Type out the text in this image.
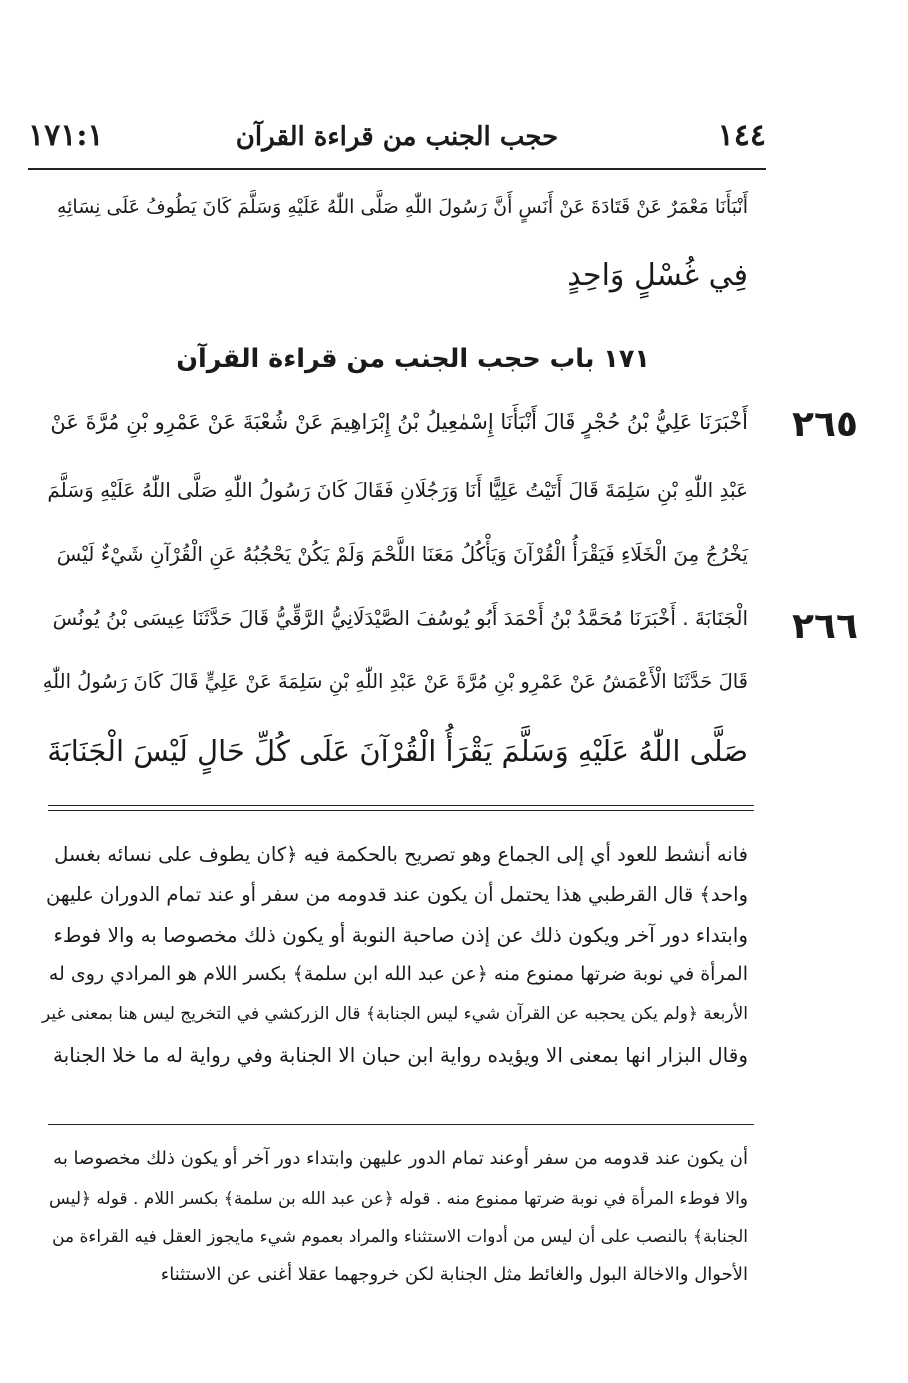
١٤٤
حجب الجنب من قراءة القرآن
١٧١:١
أَنْبَأَنَا مَعْمَرٌ عَنْ قَتَادَةَ عَنْ أَنَسٍ أَنَّ رَسُولَ اللّٰهِ صَلَّى اللّٰهُ عَلَيْهِ وَسَلَّمَ كَانَ يَطُوفُ عَلَى نِسَائِهِ
فِي غُسْلٍ وَاحِدٍ
١٧١ باب حجب الجنب من قراءة القرآن
٢٦٥
٢٦٦
أَخْبَرَنَا عَلِيُّ بْنُ حُجْرٍ قَالَ أَنْبَأَنَا إِسْمٰعِيلُ بْنُ إِبْرَاهِيمَ عَنْ شُعْبَةَ عَنْ عَمْرِو بْنِ مُرَّةَ عَنْ
عَبْدِ اللّٰهِ بْنِ سَلِمَةَ قَالَ أَتَيْتُ عَلِيًّا أَنَا وَرَجُلَانِ فَقَالَ كَانَ رَسُولُ اللّٰهِ صَلَّى اللّٰهُ عَلَيْهِ وَسَلَّمَ
يَخْرُجُ مِنَ الْخَلَاءِ فَيَقْرَأُ الْقُرْآنَ وَيَأْكُلُ مَعَنَا اللَّحْمَ وَلَمْ يَكُنْ يَحْجُبُهُ عَنِ الْقُرْآنِ شَيْءٌ لَيْسَ
الْجَنَابَةَ . أَخْبَرَنَا مُحَمَّدُ بْنُ أَحْمَدَ أَبُو يُوسُفَ الصَّيْدَلَانِيُّ الرَّقِّيُّ قَالَ حَدَّثَنَا عِيسَى بْنُ يُونُسَ
قَالَ حَدَّثَنَا الْأَعْمَشُ عَنْ عَمْرِو بْنِ مُرَّةَ عَنْ عَبْدِ اللّٰهِ بْنِ سَلِمَةَ عَنْ عَلِيٍّ قَالَ كَانَ رَسُولُ اللّٰهِ
صَلَّى اللّٰهُ عَلَيْهِ وَسَلَّمَ يَقْرَأُ الْقُرْآنَ عَلَى كُلِّ حَالٍ لَيْسَ الْجَنَابَةَ
فانه أنشط للعود أي إلى الجماع وهو تصريح بالحكمة فيه ﴿كان يطوف على نسائه بغسل
واحد﴾ قال القرطبي هذا يحتمل أن يكون عند قدومه من سفر أو عند تمام الدوران عليهن
وابتداء دور آخر ويكون ذلك عن إذن صاحبة النوبة أو يكون ذلك مخصوصا به والا فوطء
المرأة في نوبة ضرتها ممنوع منه ﴿عن عبد الله ابن سلمة﴾ بكسر اللام هو المرادي روى له
الأربعة ﴿ولم يكن يحجبه عن القرآن شيء ليس الجنابة﴾ قال الزركشي في التخريج ليس هنا بمعنى غير
وقال البزار انها بمعنى الا ويؤيده رواية ابن حبان الا الجنابة وفي رواية له ما خلا الجنابة
أن يكون عند قدومه من سفر أوعند تمام الدور عليهن وابتداء دور آخر أو يكون ذلك مخصوصا به
والا فوطء المرأة في نوبة ضرتها ممنوع منه . قوله ﴿عن عبد الله بن سلمة﴾ بكسر اللام . قوله ﴿ليس
الجنابة﴾ بالنصب على أن ليس من أدوات الاستثناء والمراد بعموم شيء مايجوز العقل فيه القراءة من
الأحوال والاخالة البول والغائط مثل الجنابة لكن خروجهما عقلا أغنى عن الاستثناء
